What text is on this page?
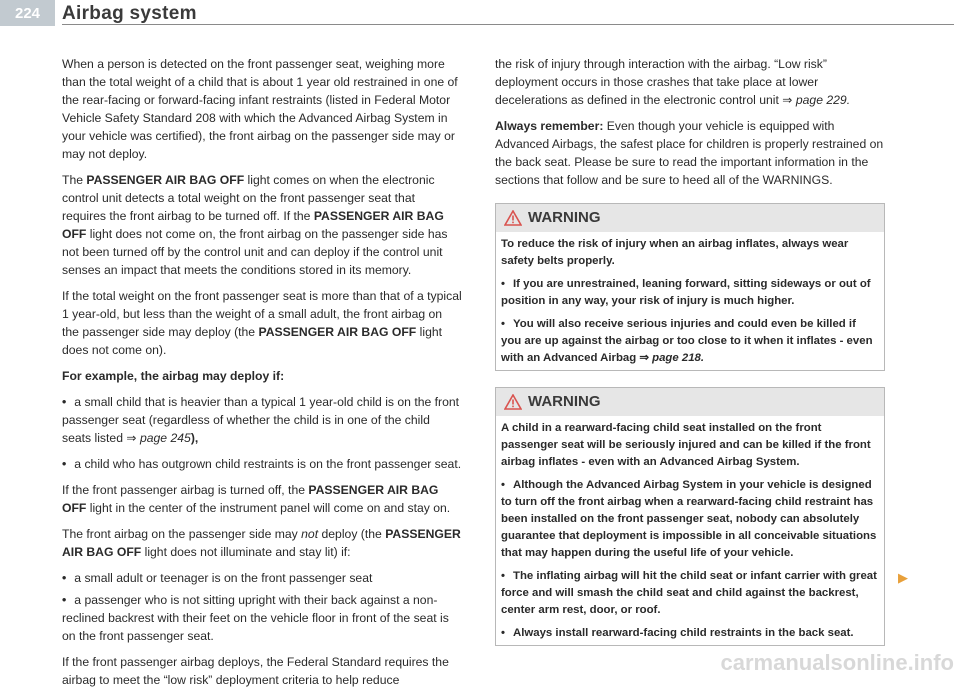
224	Airbag system

When a person is detected on the front passenger seat, weighing more than the total weight of a child that is about 1 year old restrained in one of the rear-facing or forward-facing infant restraints (listed in Federal Motor Vehicle Safety Standard 208 with which the Advanced Airbag System in your vehicle was certified), the front airbag on the passenger side may or may not deploy.

The PASSENGER AIR BAG OFF light comes on when the electronic control unit detects a total weight on the front passenger seat that requires the front airbag to be turned off. If the PASSENGER AIR BAG OFF light does not come on, the front airbag on the passenger side has not been turned off by the control unit and can deploy if the control unit senses an impact that meets the conditions stored in its memory.

If the total weight on the front passenger seat is more than that of a typical 1 year-old, but less than the weight of a small adult, the front airbag on the passenger side may deploy (the PASSENGER AIR BAG OFF light does not come on).

For example, the airbag may deploy if:

• a small child that is heavier than a typical 1 year-old child is on the front passenger seat (regardless of whether the child is in one of the child seats listed ⇒ page 245),

• a child who has outgrown child restraints is on the front passenger seat.

If the front passenger airbag is turned off, the PASSENGER AIR BAG OFF light in the center of the instrument panel will come on and stay on.

The front airbag on the passenger side may not deploy (the PASSENGER AIR BAG OFF light does not illuminate and stay lit) if:

• a small adult or teenager is on the front passenger seat

• a passenger who is not sitting upright with their back against a non-reclined backrest with their feet on the vehicle floor in front of the seat is on the front passenger seat.

If the front passenger airbag deploys, the Federal Standard requires the airbag to meet the “low risk” deployment criteria to help reduce

the risk of injury through interaction with the airbag. “Low risk” deployment occurs in those crashes that take place at lower decelerations as defined in the electronic control unit ⇒ page 229.

Always remember: Even though your vehicle is equipped with Advanced Airbags, the safest place for children is properly restrained on the back seat. Please be sure to read the important information in the sections that follow and be sure to heed all of the WARNINGS.

WARNING

To reduce the risk of injury when an airbag inflates, always wear safety belts properly.

• If you are unrestrained, leaning forward, sitting sideways or out of position in any way, your risk of injury is much higher.

• You will also receive serious injuries and could even be killed if you are up against the airbag or too close to it when it inflates - even with an Advanced Airbag ⇒ page 218.

WARNING

A child in a rearward-facing child seat installed on the front passenger seat will be seriously injured and can be killed if the front airbag inflates - even with an Advanced Airbag System.

• Although the Advanced Airbag System in your vehicle is designed to turn off the front airbag when a rearward-facing child restraint has been installed on the front passenger seat, nobody can absolutely guarantee that deployment is impossible in all conceivable situations that may happen during the useful life of your vehicle.

• The inflating airbag will hit the child seat or infant carrier with great force and will smash the child seat and child against the backrest, center arm rest, door, or roof.

• Always install rearward-facing child restraints in the back seat.

▶
carmanualsonline.info
